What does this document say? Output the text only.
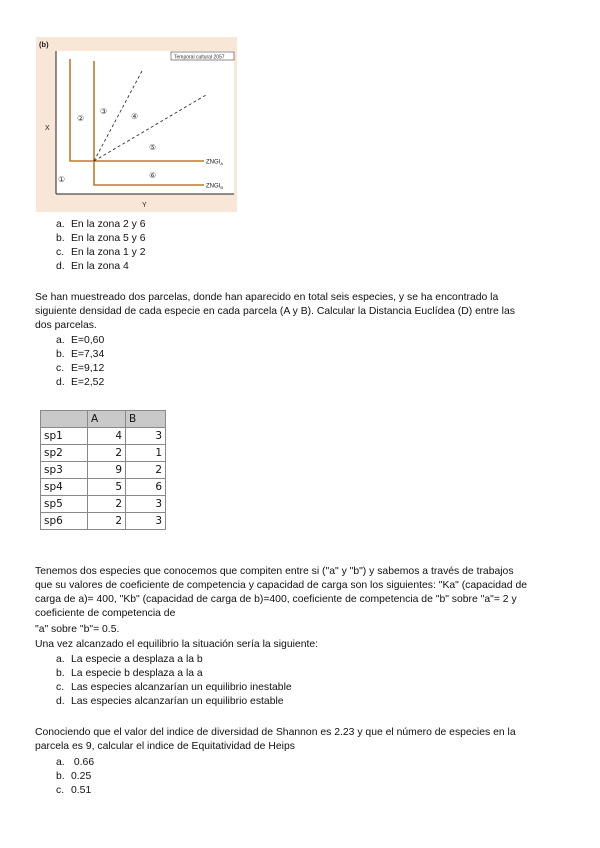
(b)
Temporal cultural 2057
X
Y
①
②
③
④
⑤
⑥
$ZNGI_A$
$ZNGI_B$
a. En la zona 2 y 6
b. En la zona 5 y 6
c. En la zona 1 y 2
d. En la zona 4
Se han muestreado dos parcelas, donde han aparecido en total seis especies, y se ha encontrado la
siguiente densidad de cada especie en cada parcela (A y B). Calcular la Distancia Euclídea (D) entre las
dos parcelas.
a. E=0,60
b. E=7,34
c. E=9,12
d. E=2,52
	A	B
sp1	4	3
sp2	2	1
sp3	9	2
sp4	5	6
sp5	2	3
sp6	2	3
Tenemos dos especies que conocemos que compiten entre si ("a" y "b") y sabemos a través de trabajos
que su valores de coeficiente de competencia y capacidad de carga son los siguientes: "Ka" (capacidad de
carga de a)= 400, "Kb" (capacidad de carga de b)=400, coeficiente de competencia de "b" sobre "a"= 2 y
coeficiente de competencia de
"a" sobre "b"= 0.5.
Una vez alcanzado el equilibrio la situación sería la siguiente:
a. La especie a desplaza a la b
b. La especie b desplaza a la a
c. Las especies alcanzarían un equilibrio inestable
d. Las especies alcanzarían un equilibrio estable
Conociendo que el valor del indice de diversidad de Shannon es 2.23 y que el número de especies en la
parcela es 9, calcular el indice de Equitatividad de Heips
a. 0.66
b. 0.25
c. 0.51
